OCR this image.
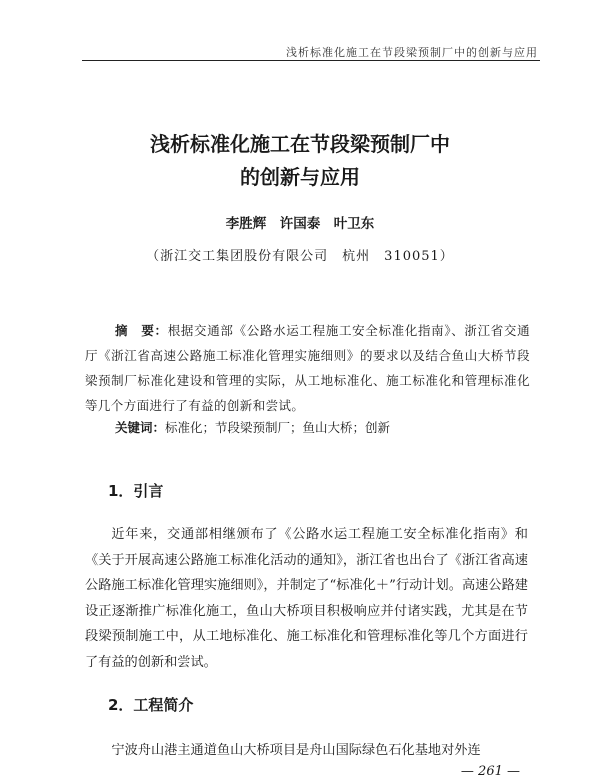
浅析标准化施工在节段梁预制厂中的创新与应用
浅析标准化施工在节段梁预制厂中
的创新与应用
李胜辉　许国泰　叶卫东
（浙江交工集团股份有限公司　杭州　310051）
摘　要：根据交通部《公路水运工程施工安全标准化指南》、浙江省交通厅《浙江省高速公路施工标准化管理实施细则》的要求以及结合鱼山大桥节段梁预制厂标准化建设和管理的实际，从工地标准化、施工标准化和管理标准化等几个方面进行了有益的创新和尝试。
关键词：标准化；节段梁预制厂；鱼山大桥；创新
1．引言
近年来，交通部相继颁布了《公路水运工程施工安全标准化指南》和《关于开展高速公路施工标准化活动的通知》，浙江省也出台了《浙江省高速公路施工标准化管理实施细则》，并制定了“标准化＋”行动计划。高速公路建设正逐渐推广标准化施工，鱼山大桥项目积极响应并付诸实践，尤其是在节段梁预制施工中，从工地标准化、施工标准化和管理标准化等几个方面进行了有益的创新和尝试。
2．工程简介
宁波舟山港主通道鱼山大桥项目是舟山国际绿色石化基地对外连
— 261 —
